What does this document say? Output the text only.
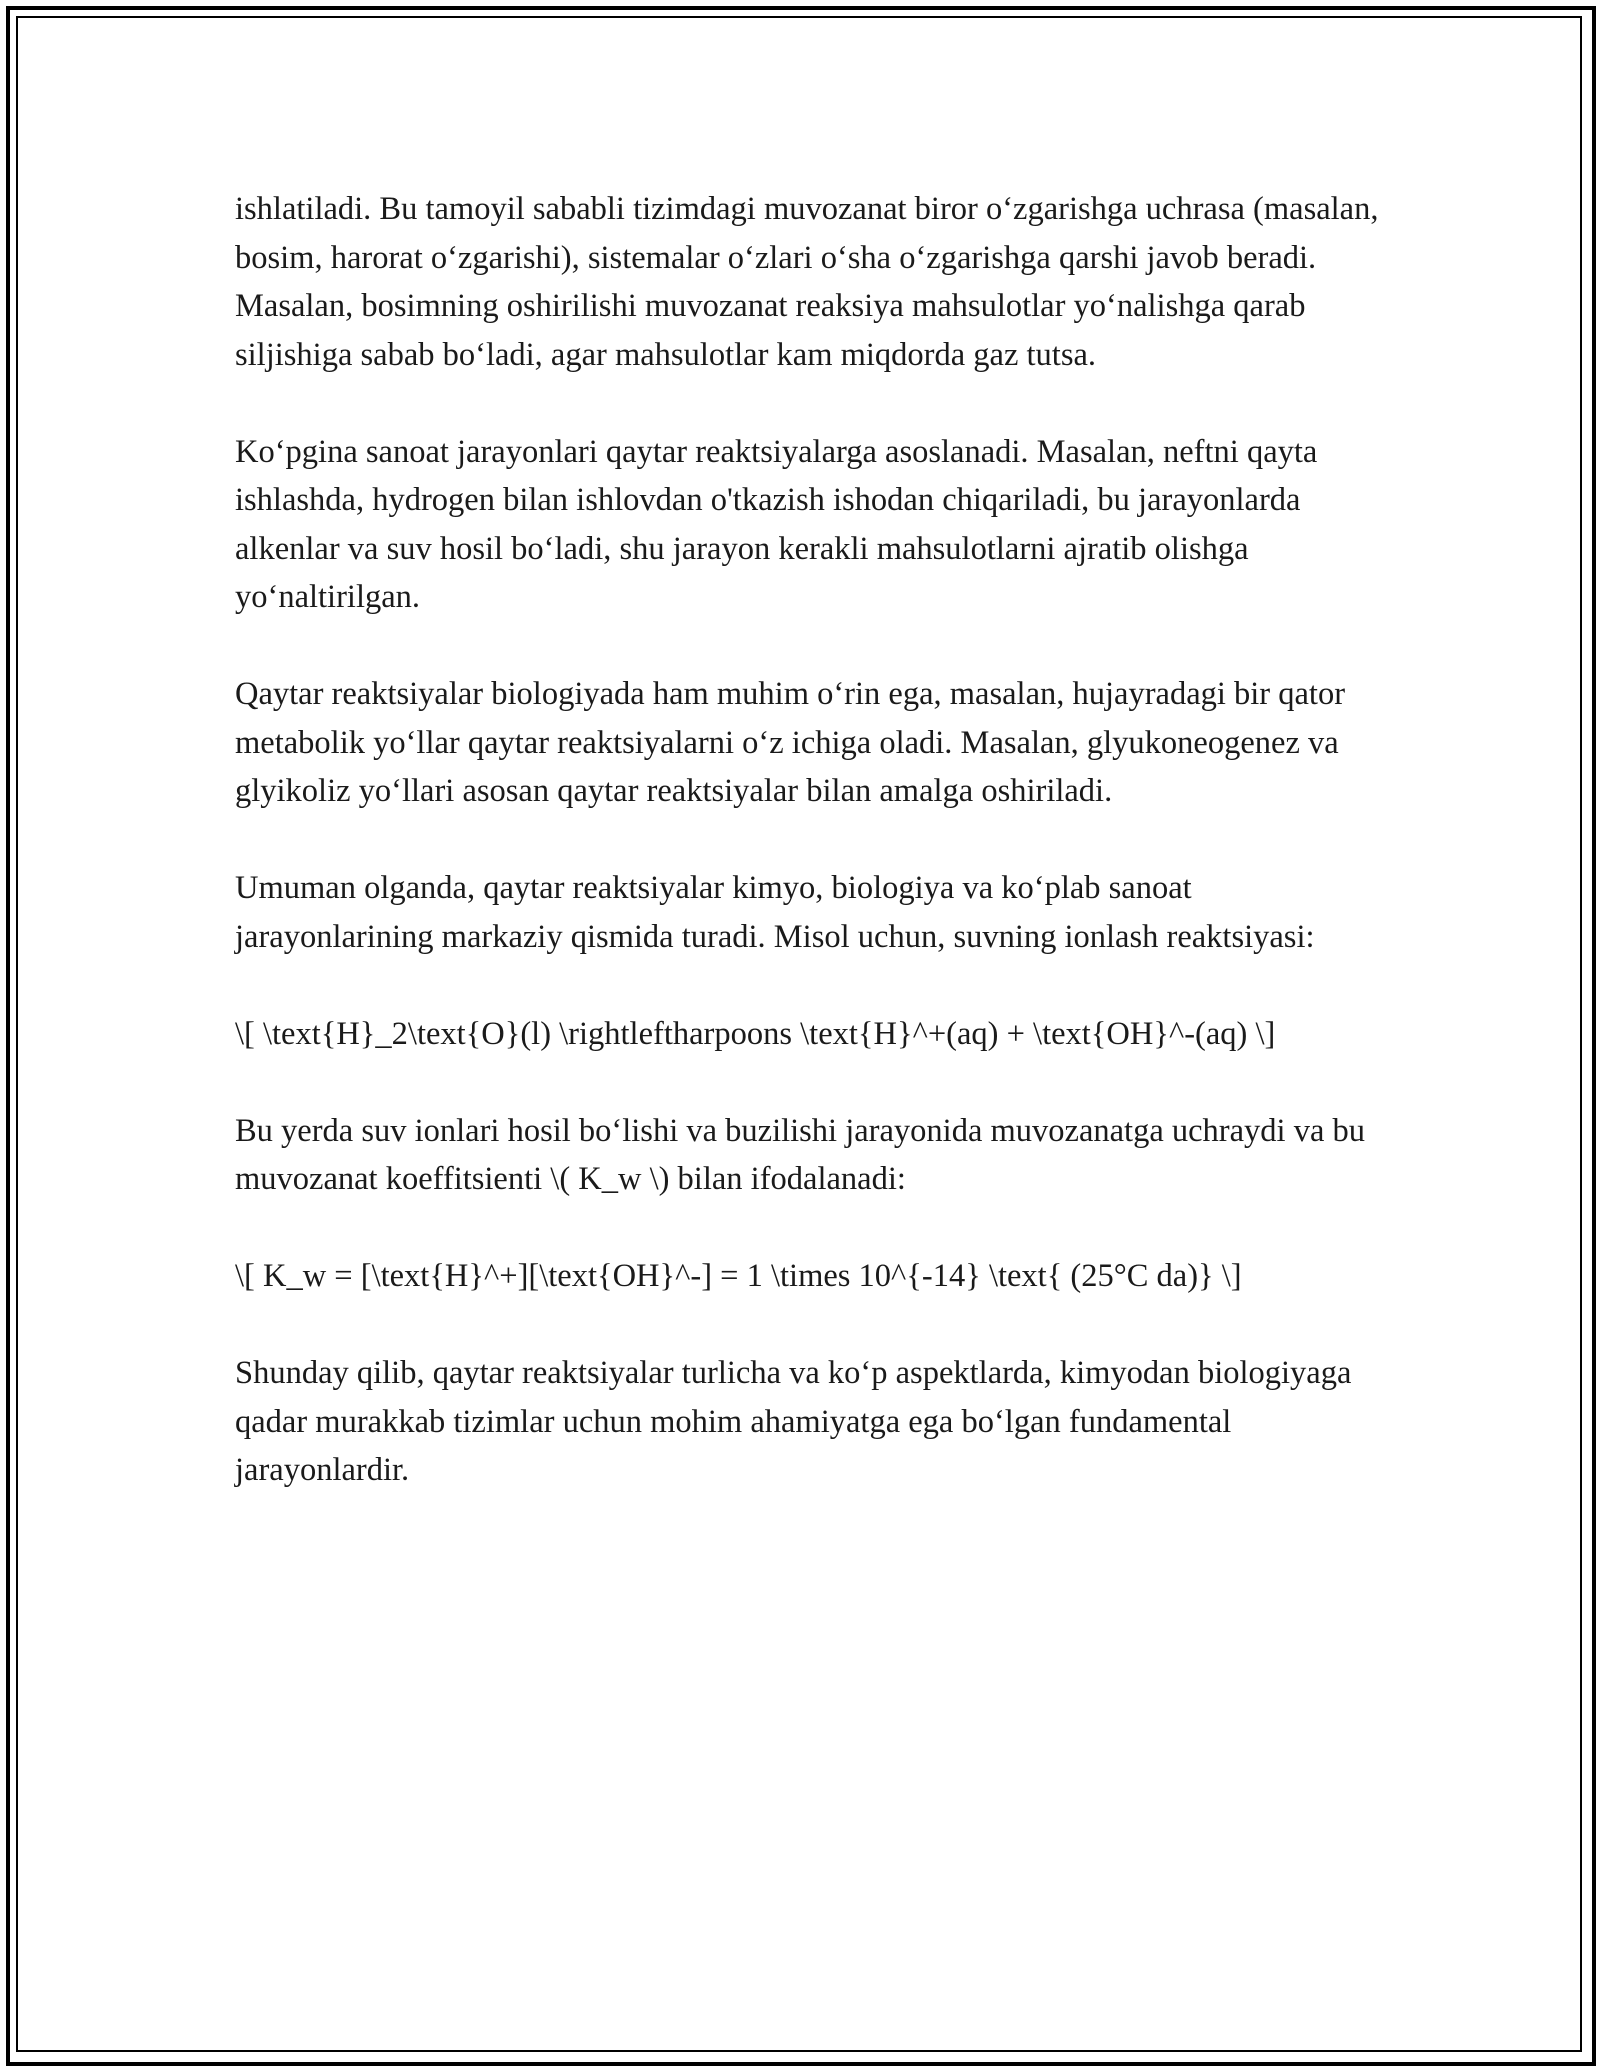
ishlatiladi. Bu tamoyil sababli tizimdagi muvozanat biror o‘zgarishga uchrasa (masalan, bosim, harorat o‘zgarishi), sistemalar o‘zlari o‘sha o‘zgarishga qarshi javob beradi. Masalan, bosimning oshirilishi muvozanat reaksiya mahsulotlar yo‘nalishga qarab siljishiga sabab bo‘ladi, agar mahsulotlar kam miqdorda gaz tutsa.

Ko‘pgina sanoat jarayonlari qaytar reaktsiyalarga asoslanadi. Masalan, neftni qayta ishlashda, hydrogen bilan ishlovdan o'tkazish ishodan chiqariladi, bu jarayonlarda alkenlar va suv hosil bo‘ladi, shu jarayon kerakli mahsulotlarni ajratib olishga yo‘naltirilgan.

Qaytar reaktsiyalar biologiyada ham muhim o‘rin ega, masalan, hujayradagi bir qator metabolik yo‘llar qaytar reaktsiyalarni o‘z ichiga oladi. Masalan, glyukoneogenez va glyikoliz yo‘llari asosan qaytar reaktsiyalar bilan amalga oshiriladi.

Umuman olganda, qaytar reaktsiyalar kimyo, biologiya va ko‘plab sanoat jarayonlarining markaziy qismida turadi. Misol uchun, suvning ionlash reaktsiyasi:

\[ \text{H}_2\text{O}(l) \rightleftharpoons \text{H}^+(aq) + \text{OH}^-(aq) \]

Bu yerda suv ionlari hosil bo‘lishi va buzilishi jarayonida muvozanatga uchraydi va bu muvozanat koeffitsienti \( K_w \) bilan ifodalanadi:

\[ K_w = [\text{H}^+][\text{OH}^-] = 1 \times 10^{-14} \text{ (25°C da)} \]

Shunday qilib, qaytar reaktsiyalar turlicha va ko‘p aspektlarda, kimyodan biologiyaga qadar murakkab tizimlar uchun mohim ahamiyatga ega bo‘lgan fundamental jarayonlardir.
